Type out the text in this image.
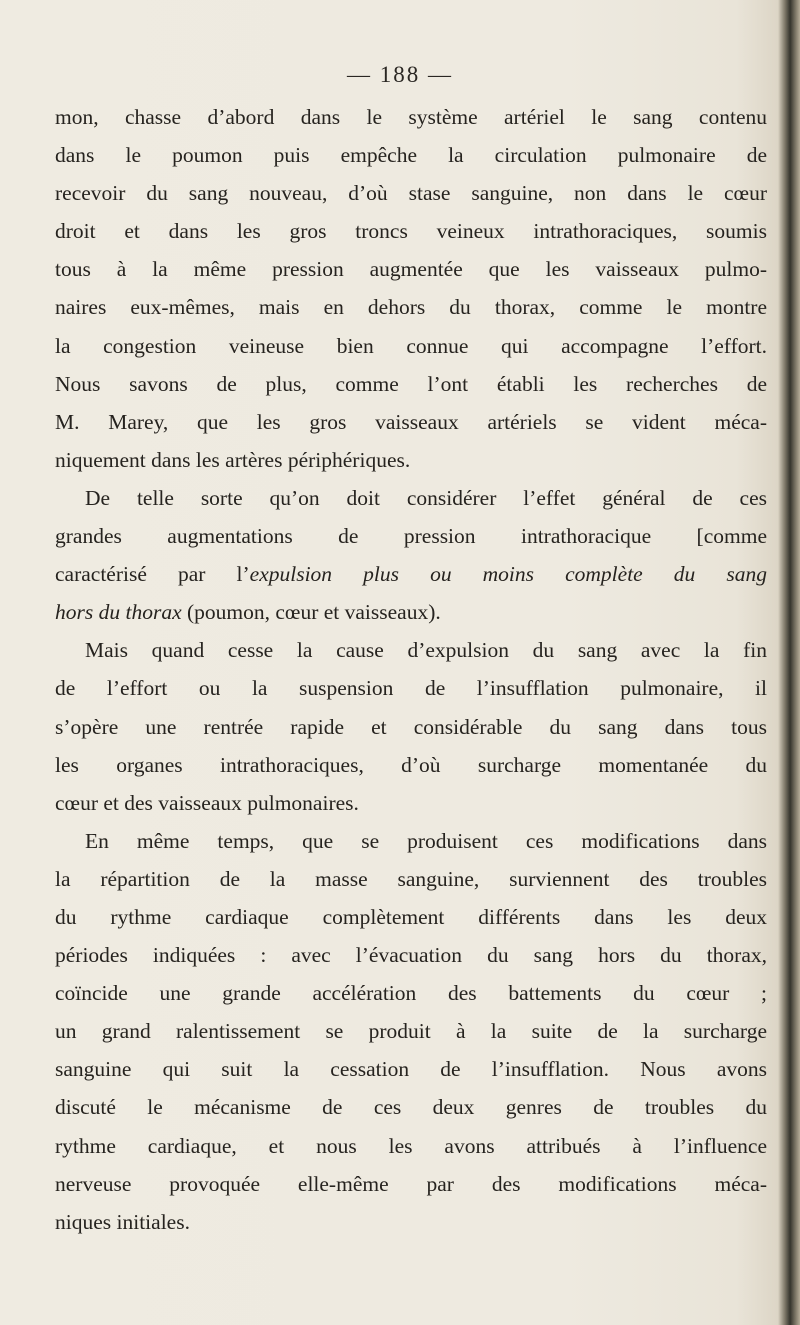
— 188 —
mon, chasse d’abord dans le système artériel le sang contenu
dans le poumon puis empêche la circulation pulmonaire de
recevoir du sang nouveau, d’où stase sanguine, non dans le cœur
droit et dans les gros troncs veineux intrathoraciques, soumis
tous à la même pression augmentée que les vaisseaux pulmo-
naires eux-mêmes, mais en dehors du thorax, comme le montre
la congestion veineuse bien connue qui accompagne l’effort.
Nous savons de plus, comme l’ont établi les recherches de
M. Marey, que les gros vaisseaux artériels se vident méca-
niquement dans les artères périphériques.
De telle sorte qu’on doit considérer l’effet général de ces
grandes augmentations de pression intrathoracique [comme
caractérisé par l’expulsion plus ou moins complète du sang
hors du thorax (poumon, cœur et vaisseaux).
Mais quand cesse la cause d’expulsion du sang avec la fin
de l’effort ou la suspension de l’insufflation pulmonaire, il
s’opère une rentrée rapide et considérable du sang dans tous
les organes intrathoraciques, d’où surcharge momentanée du
cœur et des vaisseaux pulmonaires.
En même temps, que se produisent ces modifications dans
la répartition de la masse sanguine, surviennent des troubles
du rythme cardiaque complètement différents dans les deux
périodes indiquées : avec l’évacuation du sang hors du thorax,
coïncide une grande accélération des battements du cœur ;
un grand ralentissement se produit à la suite de la surcharge
sanguine qui suit la cessation de l’insufflation. Nous avons
discuté le mécanisme de ces deux genres de troubles du
rythme cardiaque, et nous les avons attribués à l’influence
nerveuse provoquée elle-même par des modifications méca-
niques initiales.
